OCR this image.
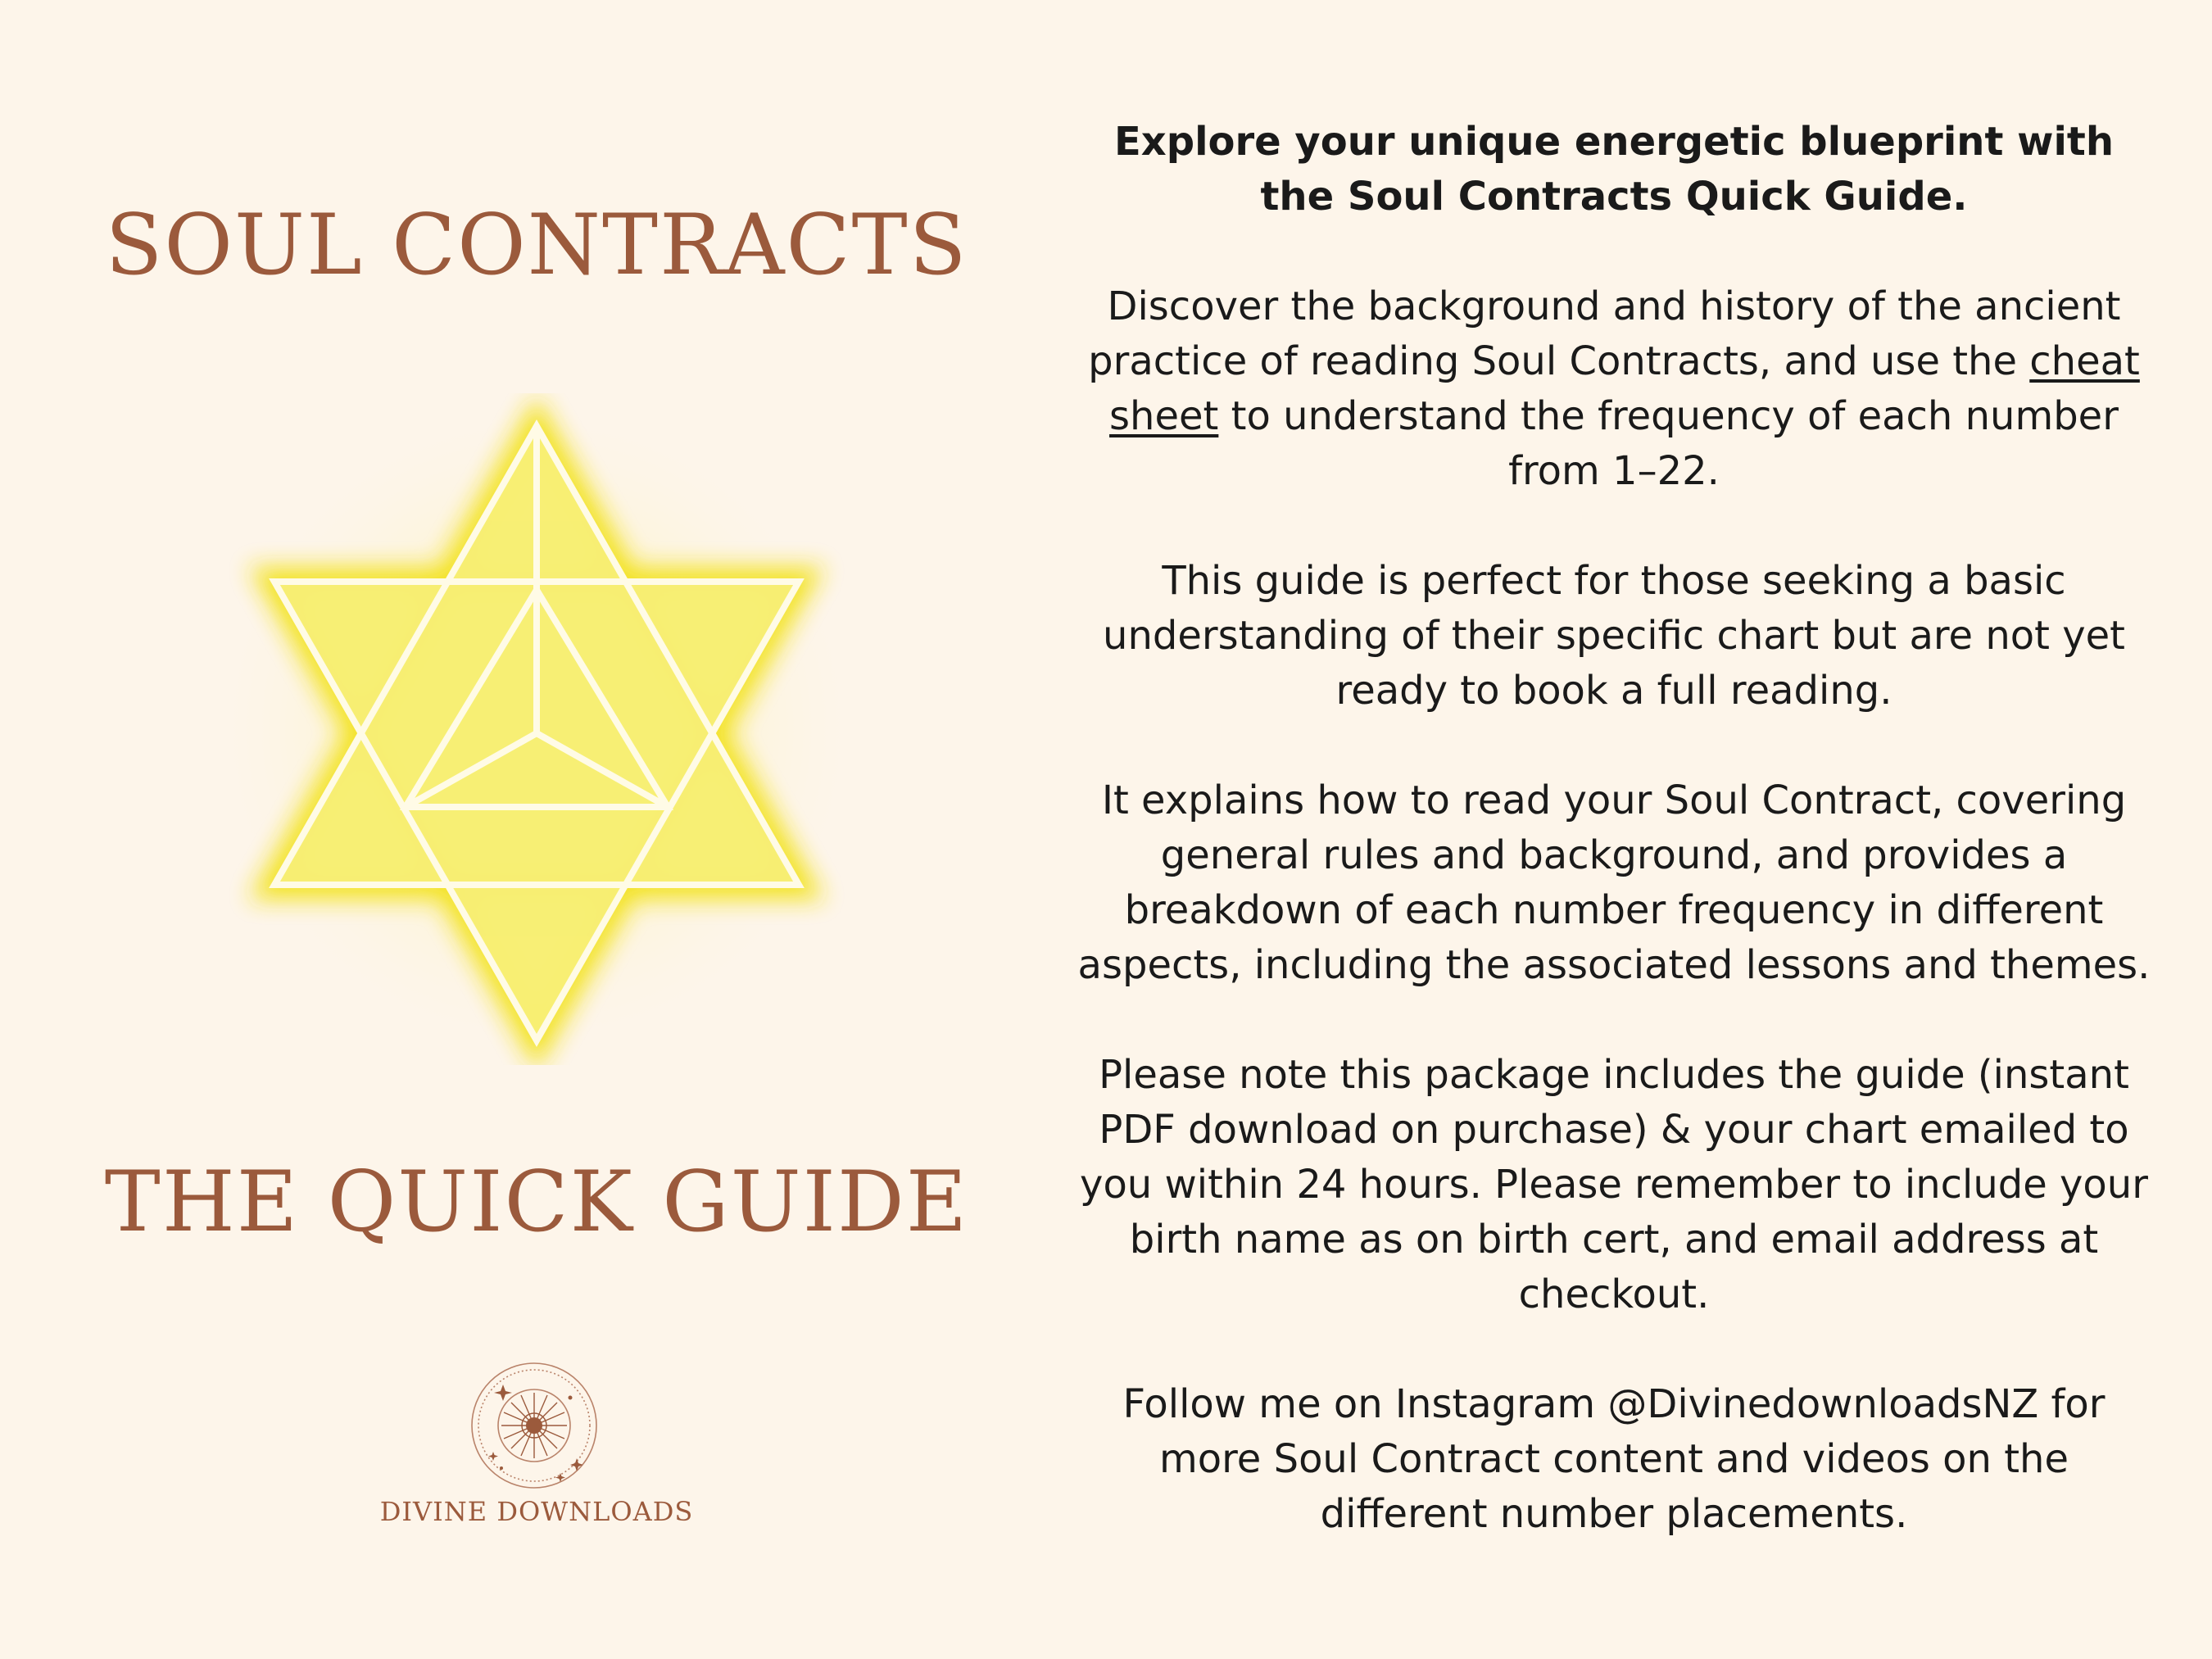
SOUL CONTRACTS
THE QUICK GUIDE
DIVINE DOWNLOADS

Explore your unique energetic blueprint with the Soul Contracts Quick Guide.

Discover the background and history of the ancient practice of reading Soul Contracts, and use the cheat sheet to understand the frequency of each number from 1–22.

This guide is perfect for those seeking a basic understanding of their specific chart but are not yet ready to book a full reading.

It explains how to read your Soul Contract, covering general rules and background, and provides a breakdown of each number frequency in different aspects, including the associated lessons and themes.

Please note this package includes the guide (instant PDF download on purchase) & your chart emailed to you within 24 hours. Please remember to include your birth name as on birth cert, and email address at checkout.

Follow me on Instagram @DivinedownloadsNZ for more Soul Contract content and videos on the different number placements.
